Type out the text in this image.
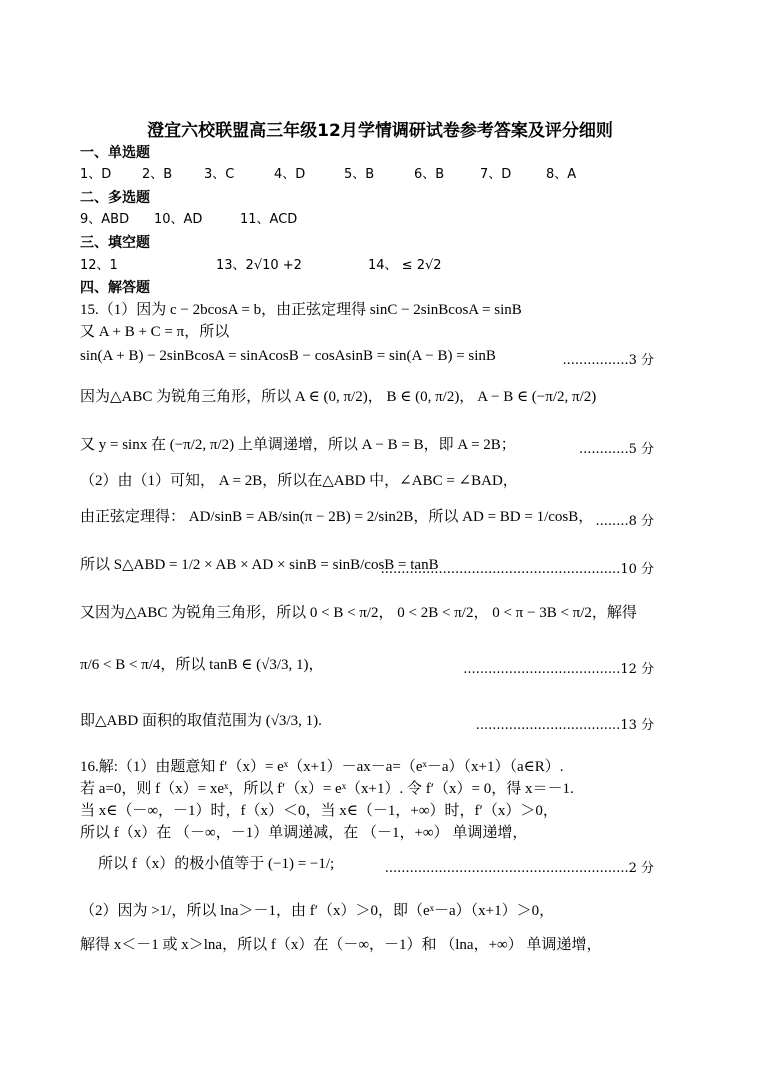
澄宜六校联盟高三年级12月学情调研试卷参考答案及评分细则
一、单选题
1、D 2、B 3、C	4、D	5、B	6、B	7、D	8、A
二、多选题
9、ABD 10、AD	11、ACD
三、填空题
12、1	13、2√10 +2	14、 ≤ 2√2
四、解答题
15.（1）因为 c − 2bcosA = b，由正弦定理得 sinC − 2sinBcosA = sinB
又 A + B + C = π，所以
sin(A + B) − 2sinBcosA = sinAcosB − cosAsinB = sin(A − B) = sinB	................3 分
因为△ABC 为锐角三角形，所以 A ∈ (0, π/2)， B ∈ (0, π/2)， A − B ∈ (−π/2, π/2)
又 y = sinx 在 (−π/2, π/2) 上单调递增，所以 A − B = B，即 A = 2B；	............5 分
（2）由（1）可知， A = 2B，所以在△ABD 中，∠ABC = ∠BAD，
由正弦定理得： AD/sinB = AB/sin(π − 2B) = 2/sin2B，所以 AD = BD = 1/cosB， ........8 分
所以 S△ABD = 1/2 × AB × AD × sinB = sinB/cosB = tanB
..........................................................10 分
又因为△ABC 为锐角三角形，所以 0 < B < π/2， 0 < 2B < π/2， 0 < π − 3B < π/2，解得
π/6 < B < π/4，所以 tanB ∈ (√3/3, 1)，	......................................12 分
即△ABD 面积的取值范围为 (√3/3, 1).	...................................13 分
16.解:（1）由题意知 f′（x）= eˣ（x+1）－ax－a=（eˣ－a）（x+1）（a∈R）.
若 a=0，则 f（x）= xeˣ，所以 f′（x）= eˣ（x+1）. 令 f′（x）= 0，得 x＝－1.
当 x∈（－∞，－1）时，f（x）＜0，当 x∈（－1，+∞）时，f′（x）＞0，
所以 f（x）在 （－∞，－1）单调递减，在 （－1，+∞） 单调递增，
所以 f（x）的极小值等于 (−1) = −1/;	...........................................................2 分
（2）因为 >1/，所以 lna＞－1，由 f′（x）＞0，即（eˣ－a）（x+1）＞0，
解得 x＜－1 或 x＞lna，所以 f（x）在（－∞，－1）和 （lna，+∞） 单调递增，
